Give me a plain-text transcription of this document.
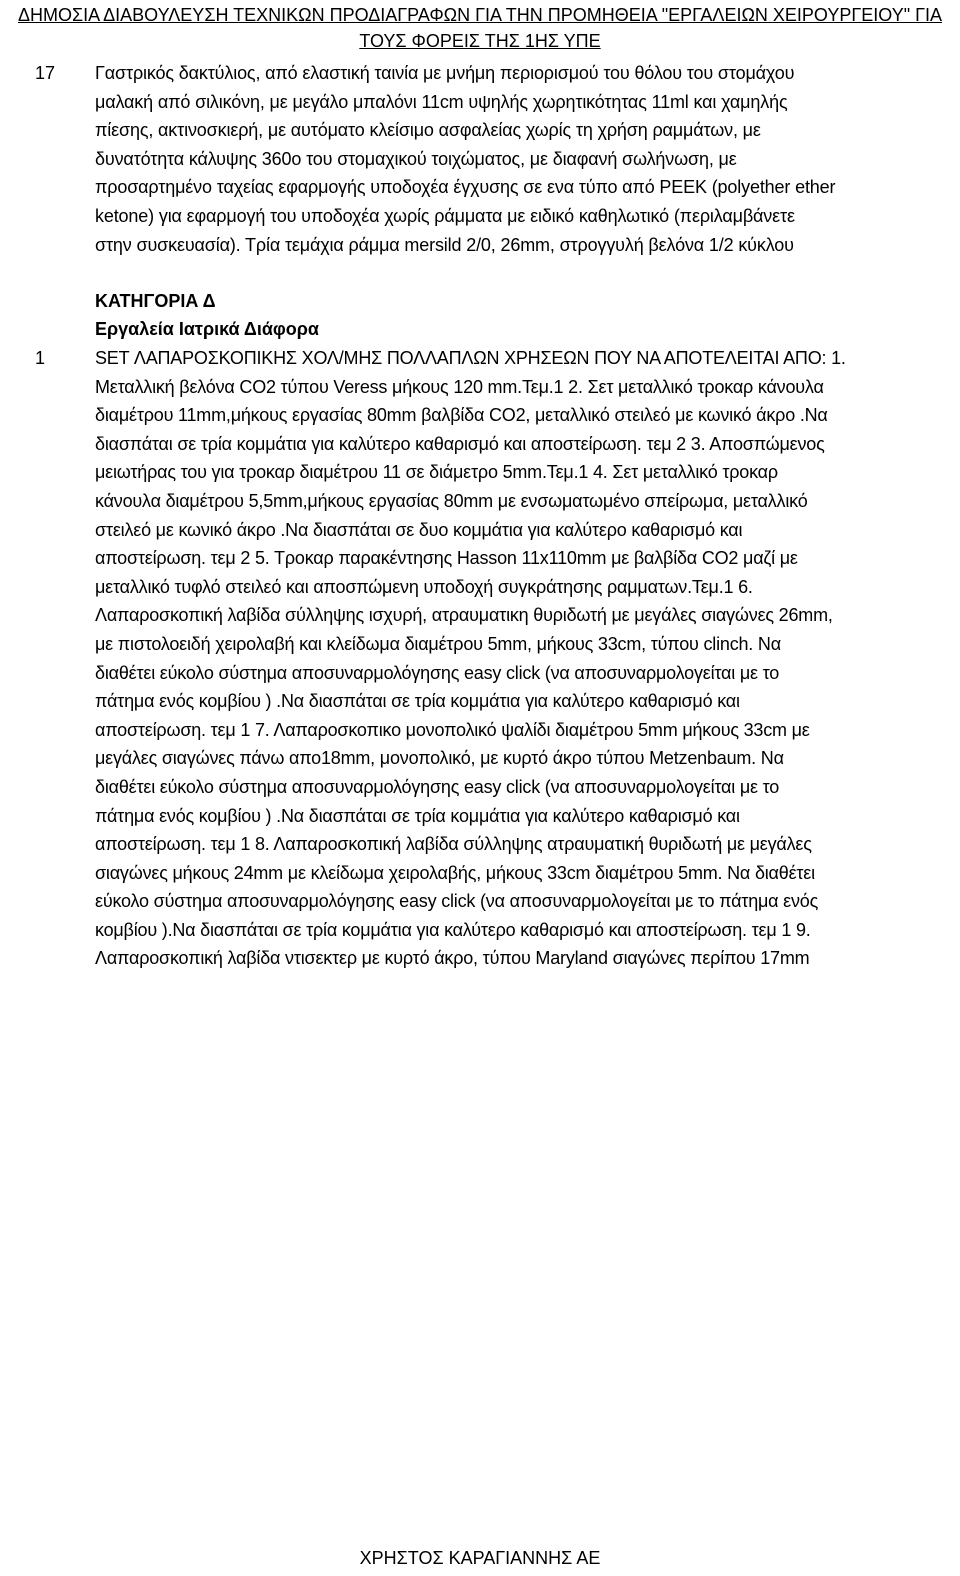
ΔΗΜΟΣΙΑ ΔΙΑΒΟΥΛΕΥΣΗ ΤΕΧΝΙΚΩΝ ΠΡΟΔΙΑΓΡΑΦΩΝ ΓΙΑ ΤΗΝ ΠΡΟΜΗΘΕΙΑ "ΕΡΓΑΛΕΙΩΝ ΧΕΙΡΟΥΡΓΕΙΟΥ" ΓΙΑ
ΤΟΥΣ ΦΟΡΕΙΣ ΤΗΣ 1ΗΣ ΥΠΕ
17 Γαστρικός δακτύλιος, από ελαστική ταινία με μνήμη περιορισμού του θόλου του στομάχου
μαλακή από σιλικόνη, με μεγάλο μπαλόνι 11cm υψηλής χωρητικότητας 11ml και χαμηλής
πίεσης, ακτινοσκιερή, με αυτόματο κλείσιμο ασφαλείας χωρίς τη χρήση ραμμάτων, με
δυνατότητα κάλυψης 360ο του στομαχικού τοιχώματος, με διαφανή σωλήνωση, με
προσαρτημένο ταχείας εφαρμογής υποδοχέα έγχυσης σε ενα τύπο από PEEK (polyether ether
ketone) για εφαρμογή του υποδοχέα χωρίς ράμματα με ειδικό καθηλωτικό (περιλαμβάνετε
στην συσκευασία). Τρία τεμάχια ράμμα mersild 2/0, 26mm, στρογγυλή βελόνα 1/2 κύκλου
ΚΑΤΗΓΟΡΙΑ Δ
Εργαλεία Ιατρικά Διάφορα
1	SET ΛΑΠΑΡΟΣΚΟΠΙΚΗΣ ΧΟΛ/ΜΗΣ ΠΟΛΛΑΠΛΩΝ ΧΡΗΣΕΩΝ ΠΟΥ ΝΑ ΑΠΟΤΕΛΕΙΤΑΙ ΑΠΟ: 1.
Μεταλλική βελόνα CO2 τύπου Veress μήκους 120 mm.Τεμ.1 2. Σετ μεταλλικό τροκαρ κάνουλα
διαμέτρου 11mm,μήκους εργασίας 80mm βαλβίδα CO2, μεταλλικό στειλεό με κωνικό άκρο .Να
διασπάται σε τρία κομμάτια για καλύτερο καθαρισμό και αποστείρωση. τεμ 2 3. Αποσπώμενος
μειωτήρας του για τροκαρ διαμέτρου 11 σε διάμετρο 5mm.Τεμ.1 4. Σετ μεταλλικό τροκαρ
κάνουλα διαμέτρου 5,5mm,μήκους εργασίας 80mm με ενσωματωμένο σπείρωμα, μεταλλικό
στειλεό με κωνικό άκρο .Να διασπάται σε δυο κομμάτια για καλύτερο καθαρισμό και
αποστείρωση. τεμ 2 5. Τροκαρ παρακέντησης Hasson 11x110mm με βαλβίδα CO2 μαζί με
μεταλλικό τυφλό στειλεό και αποσπώμενη υποδοχή συγκράτησης ραμματων.Τεμ.1 6.
Λαπαροσκοπική λαβίδα σύλληψης ισχυρή, ατραυματικη θυριδωτή με μεγάλες σιαγώνες 26mm,
με πιστολοειδή χειρολαβή και κλείδωμα διαμέτρου 5mm, μήκους 33cm, τύπου clinch. Να
διαθέτει εύκολο σύστημα αποσυναρμολόγησης easy click (να αποσυναρμολογείται με το
πάτημα ενός κομβίου ) .Να διασπάται σε τρία κομμάτια για καλύτερο καθαρισμό και
αποστείρωση. τεμ 1 7. Λαπαροσκοπικο μονοπολικό ψαλίδι διαμέτρου 5mm μήκους 33cm με
μεγάλες σιαγώνες πάνω απο18mm, μονοπολικό, με κυρτό άκρο τύπου Metzenbaum. Να
διαθέτει εύκολο σύστημα αποσυναρμολόγησης easy click (να αποσυναρμολογείται με το
πάτημα ενός κομβίου ) .Να διασπάται σε τρία κομμάτια για καλύτερο καθαρισμό και
αποστείρωση. τεμ 1 8. Λαπαροσκοπική λαβίδα σύλληψης ατραυματική θυριδωτή με μεγάλες
σιαγώνες μήκους 24mm με κλείδωμα χειρολαβής, μήκους 33cm διαμέτρου 5mm. Να διαθέτει
εύκολο σύστημα αποσυναρμολόγησης easy click (να αποσυναρμολογείται με το πάτημα ενός
κομβίου ).Να διασπάται σε τρία κομμάτια για καλύτερο καθαρισμό και αποστείρωση. τεμ 1 9.
Λαπαροσκοπική λαβίδα ντισεκτερ με κυρτό άκρο, τύπου Maryland σιαγώνες περίπου 17mm
ΧΡΗΣΤΟΣ ΚΑΡΑΓΙΑΝΝΗΣ ΑΕ
